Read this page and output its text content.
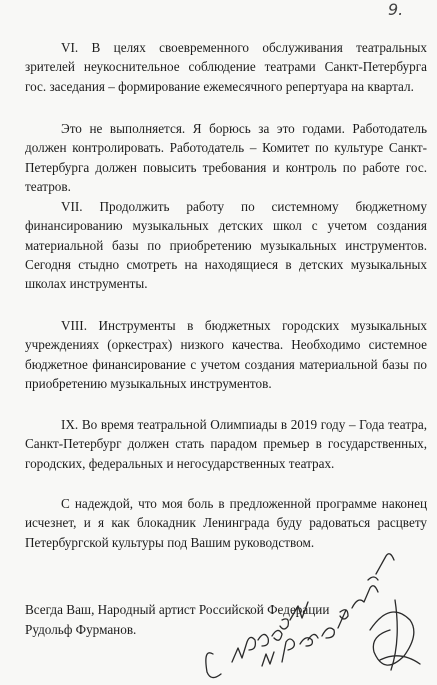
9.

VI. В целях своевременного обслуживания театральных зрителей неукоснительное соблюдение театрами Санкт-Петербурга гос. заседания – формирование ежемесячного репертуара на квартал.

Это не выполняется. Я борюсь за это годами. Работодатель должен контролировать. Работодатель – Комитет по культуре Санкт-Петербурга должен повысить требования и контроль по работе гос. театров.

VII. Продолжить работу по системному бюджетному финансированию музыкальных детских школ с учетом создания материальной базы по приобретению музыкальных инструментов. Сегодня стыдно смотреть на находящиеся в детских музыкальных школах инструменты.

VIII. Инструменты в бюджетных городских музыкальных учреждениях (оркестрах) низкого качества. Необходимо системное бюджетное финансирование с учетом создания материальной базы по приобретению музыкальных инструментов.

IX. Во время театральной Олимпиады в 2019 году – Года театра, Санкт-Петербург должен стать парадом премьер в государственных, городских, федеральных и негосударственных театрах.

С надеждой, что моя боль в предложенной программе наконец исчезнет, и я как блокадник Ленинграда буду радоваться расцвету Петербургской культуры под Вашим руководством.

Всегда Ваш, Народный артист Российской Федерации
Рудольф Фурманов.
